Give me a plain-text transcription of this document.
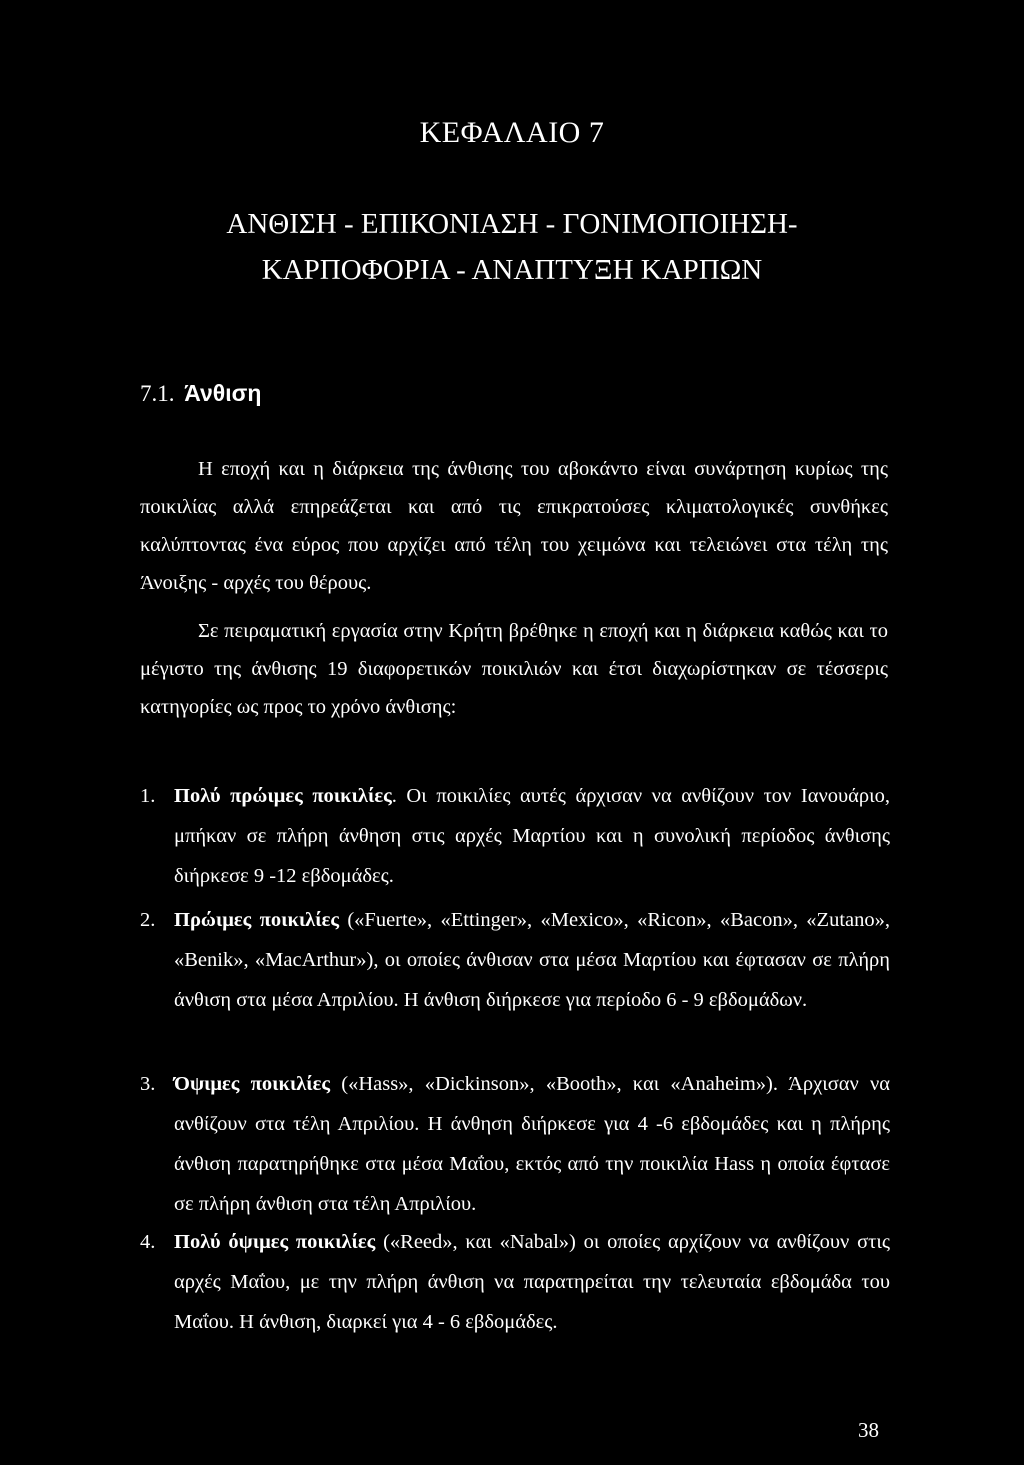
ΚΕΦΑΛΑΙΟ 7
ΑΝΘΙΣΗ - ΕΠΙΚΟΝΙΑΣΗ - ΓΟΝΙΜΟΠΟΙΗΣΗ-
ΚΑΡΠΟΦΟΡΙΑ - ΑΝΑΠΤΥΞΗ ΚΑΡΠΩΝ
7.1. Άνθιση

Η εποχή και η διάρκεια της άνθισης του αβοκάντο είναι συνάρτηση κυρίως της ποικιλίας αλλά επηρεάζεται και από τις επικρατούσες κλιματολογικές συνθήκες καλύπτοντας ένα εύρος που αρχίζει από τέλη του χειμώνα και τελειώνει στα τέλη της Άνοιξης - αρχές του θέρους.

Σε πειραματική εργασία στην Κρήτη βρέθηκε η εποχή και η διάρκεια καθώς και το μέγιστο της άνθισης 19 διαφορετικών ποικιλιών και έτσι διαχωρίστηκαν σε τέσσερις κατηγορίες ως προς το χρόνο άνθισης:

1. Πολύ πρώιμες ποικιλίες. Οι ποικιλίες αυτές άρχισαν να ανθίζουν τον Ιανουάριο, μπήκαν σε πλήρη άνθηση στις αρχές Μαρτίου και η συνολική περίοδος άνθισης διήρκεσε 9 -12 εβδομάδες.
2. Πρώιμες ποικιλίες («Fuerte», «Ettinger», «Mexico», «Ricon», «Bacon», «Zutano», «Benik», «MacArthur»), οι οποίες άνθισαν στα μέσα Μαρτίου και έφτασαν σε πλήρη άνθιση στα μέσα Απριλίου. Η άνθιση διήρκεσε για περίοδο 6 - 9 εβδομάδων.
3. Όψιμες ποικιλίες («Hass», «Dickinson», «Booth», και «Anaheim»). Άρχισαν να ανθίζουν στα τέλη Απριλίου. Η άνθηση διήρκεσε για 4 -6 εβδομάδες και η πλήρης άνθιση παρατηρήθηκε στα μέσα Μαΐου, εκτός από την ποικιλία Hass η οποία έφτασε σε πλήρη άνθιση στα τέλη Απριλίου.
4. Πολύ όψιμες ποικιλίες («Reed», και «Nabal») οι οποίες αρχίζουν να ανθίζουν στις αρχές Μαΐου, με την πλήρη άνθιση να παρατηρείται την τελευταία εβδομάδα του Μαΐου. Η άνθιση, διαρκεί για 4 - 6 εβδομάδες.
38
